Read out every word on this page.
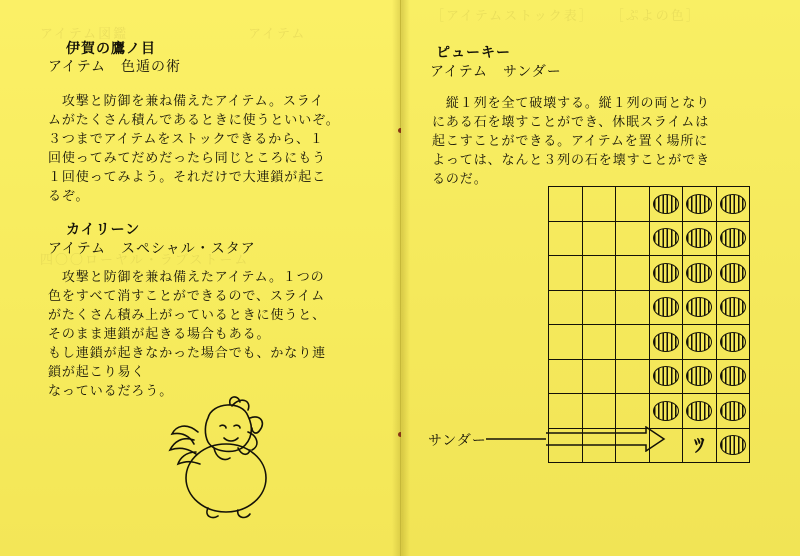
アイテム図鑑　　　　　　　　アイテム
四〇〇ローヤル・ラブストーム
伊賀の鷹ノ目
アイテム　色遁の術

　攻撃と防御を兼ね備えたアイテム。スライ
ムがたくさん積んであるときに使うといいぞ。
３つまでアイテムをストックできるから、１
回使ってみてだめだったら同じところにもう
１回使ってみよう。それだけで大連鎖が起こ
るぞ。

カイリーン
アイテム　スペシャル・スタア

　攻撃と防御を兼ね備えたアイテム。１つの
色をすべて消すことができるので、スライム
がたくさん積み上がっているときに使うと、
そのまま連鎖が起きる場合もある。
もし連鎖が起きなかった場合でも、かなり連
鎖が起こり易く
なっているだろう。

［アイテムストック表］　　［ぷよの色］
ピューキー
アイテム　サンダー

　縦１列を全て破壊する。縦１列の両となり
にある石を壊すことができ、休眠スライムは
起こすことができる。アイテムを置く場所に
よっては、なんと３列の石を壊すことができ
るのだ。

ﾂ
サンダー
